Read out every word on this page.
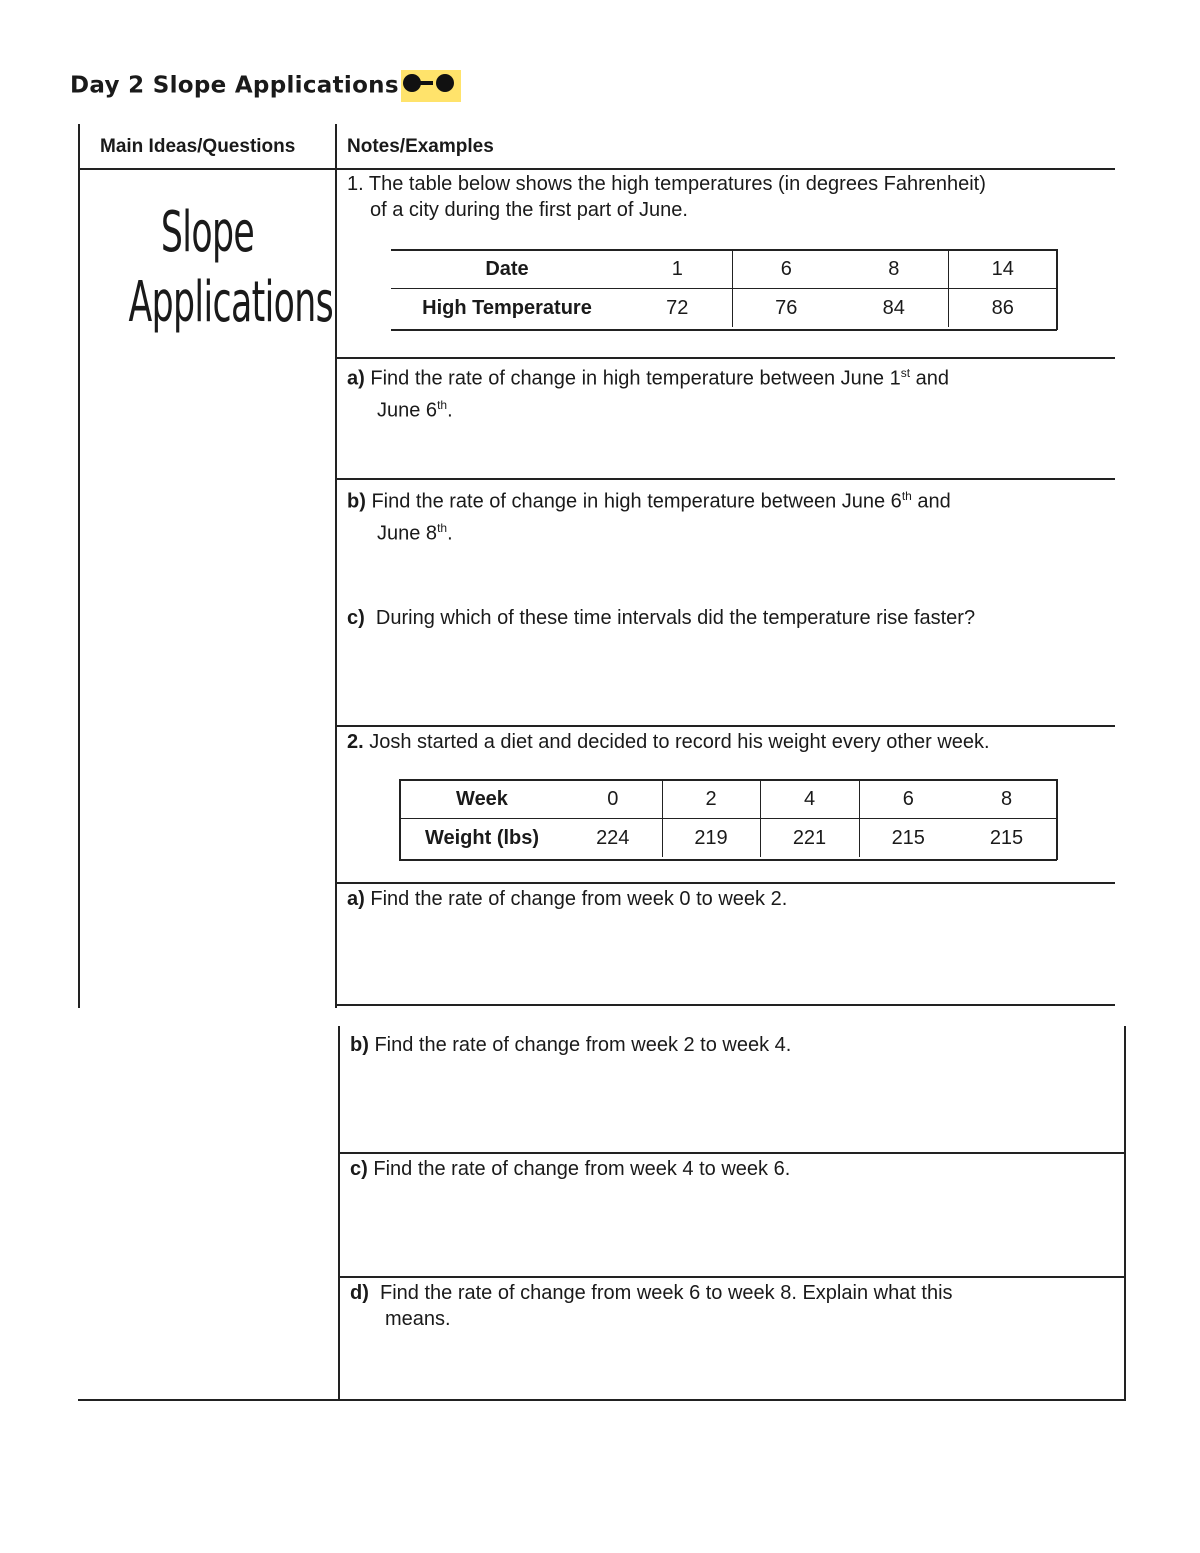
Day 2 Slope Applications
Main Ideas/Questions	Notes/Examples
Slope
Applications
1. The table below shows the high temperatures (in degrees Fahrenheit)
of a city during the first part of June.
Date	1	6	8	14
High Temperature	72	76	84	86
a) Find the rate of change in high temperature between June 1st and
June 6th.
b) Find the rate of change in high temperature between June 6th and
June 8th.
c) During which of these time intervals did the temperature rise faster?
2. Josh started a diet and decided to record his weight every other week.
Week	0	2	4	6	8
Weight (lbs)	224	219	221	215	215
a) Find the rate of change from week 0 to week 2.
b) Find the rate of change from week 2 to week 4.
c) Find the rate of change from week 4 to week 6.
d) Find the rate of change from week 6 to week 8. Explain what this
means.
